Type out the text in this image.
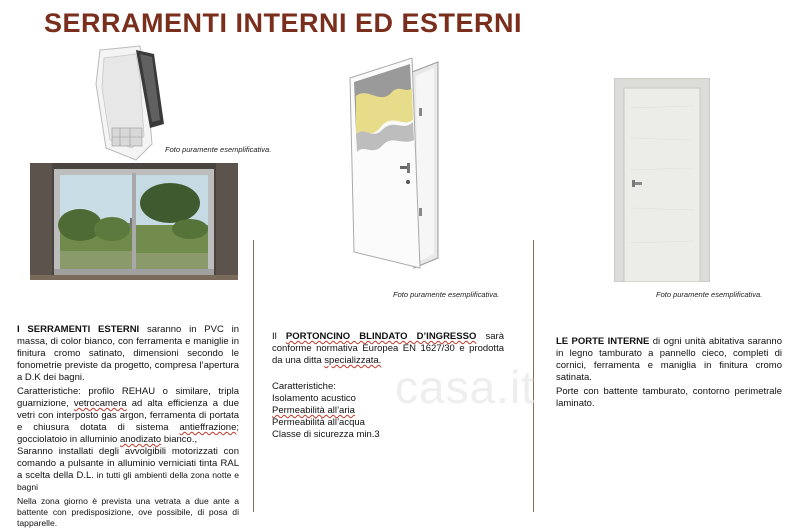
SERRAMENTI INTERNI ED ESTERNI
Foto puramente esemplificativa.
Foto puramente esemplificativa.	Foto puramente esemplificativa.
casa.it

I SERRAMENTI ESTERNI saranno in PVC in massa, di color bianco, con ferramenta e maniglie in finitura cromo satinato, dimensioni secondo le fonometrie previste da progetto, compresa l’apertura a D.K dei bagni.

Caratteristiche: profilo REHAU o similare, tripla guarnizione, vetrocamera ad alta efficienza a due vetri con interposto gas argon, ferramenta di portata e chiusura dotata di sistema antieffrazione; gocciolatoio in alluminio anodizato bianco.,

Saranno installati degli avvolgibili motorizzati con comando a pulsante in alluminio verniciati tinta RAL a scelta della D.L. in tutti gli ambienti della zona notte e bagni

Nella zona giorno è prevista una vetrata a due ante a battente con predisposizione, ove possibile, di posa di tapparelle.

Il PORTONCINO BLINDATO D’INGRESSO sarà conforme normativa Europea EN 1627/30 e prodotta da una ditta specializzata.

Caratteristiche:

Isolamento acustico

Permeabilità all’aria

Permeabilità all’acqua

Classe di sicurezza min.3

LE PORTE INTERNE di ogni unità abitativa saranno in legno tamburato a pannello cieco, completi di cornici, ferramenta e maniglia in finitura cromo satinata.

Porte con battente tamburato, contorno perimetrale laminato.
